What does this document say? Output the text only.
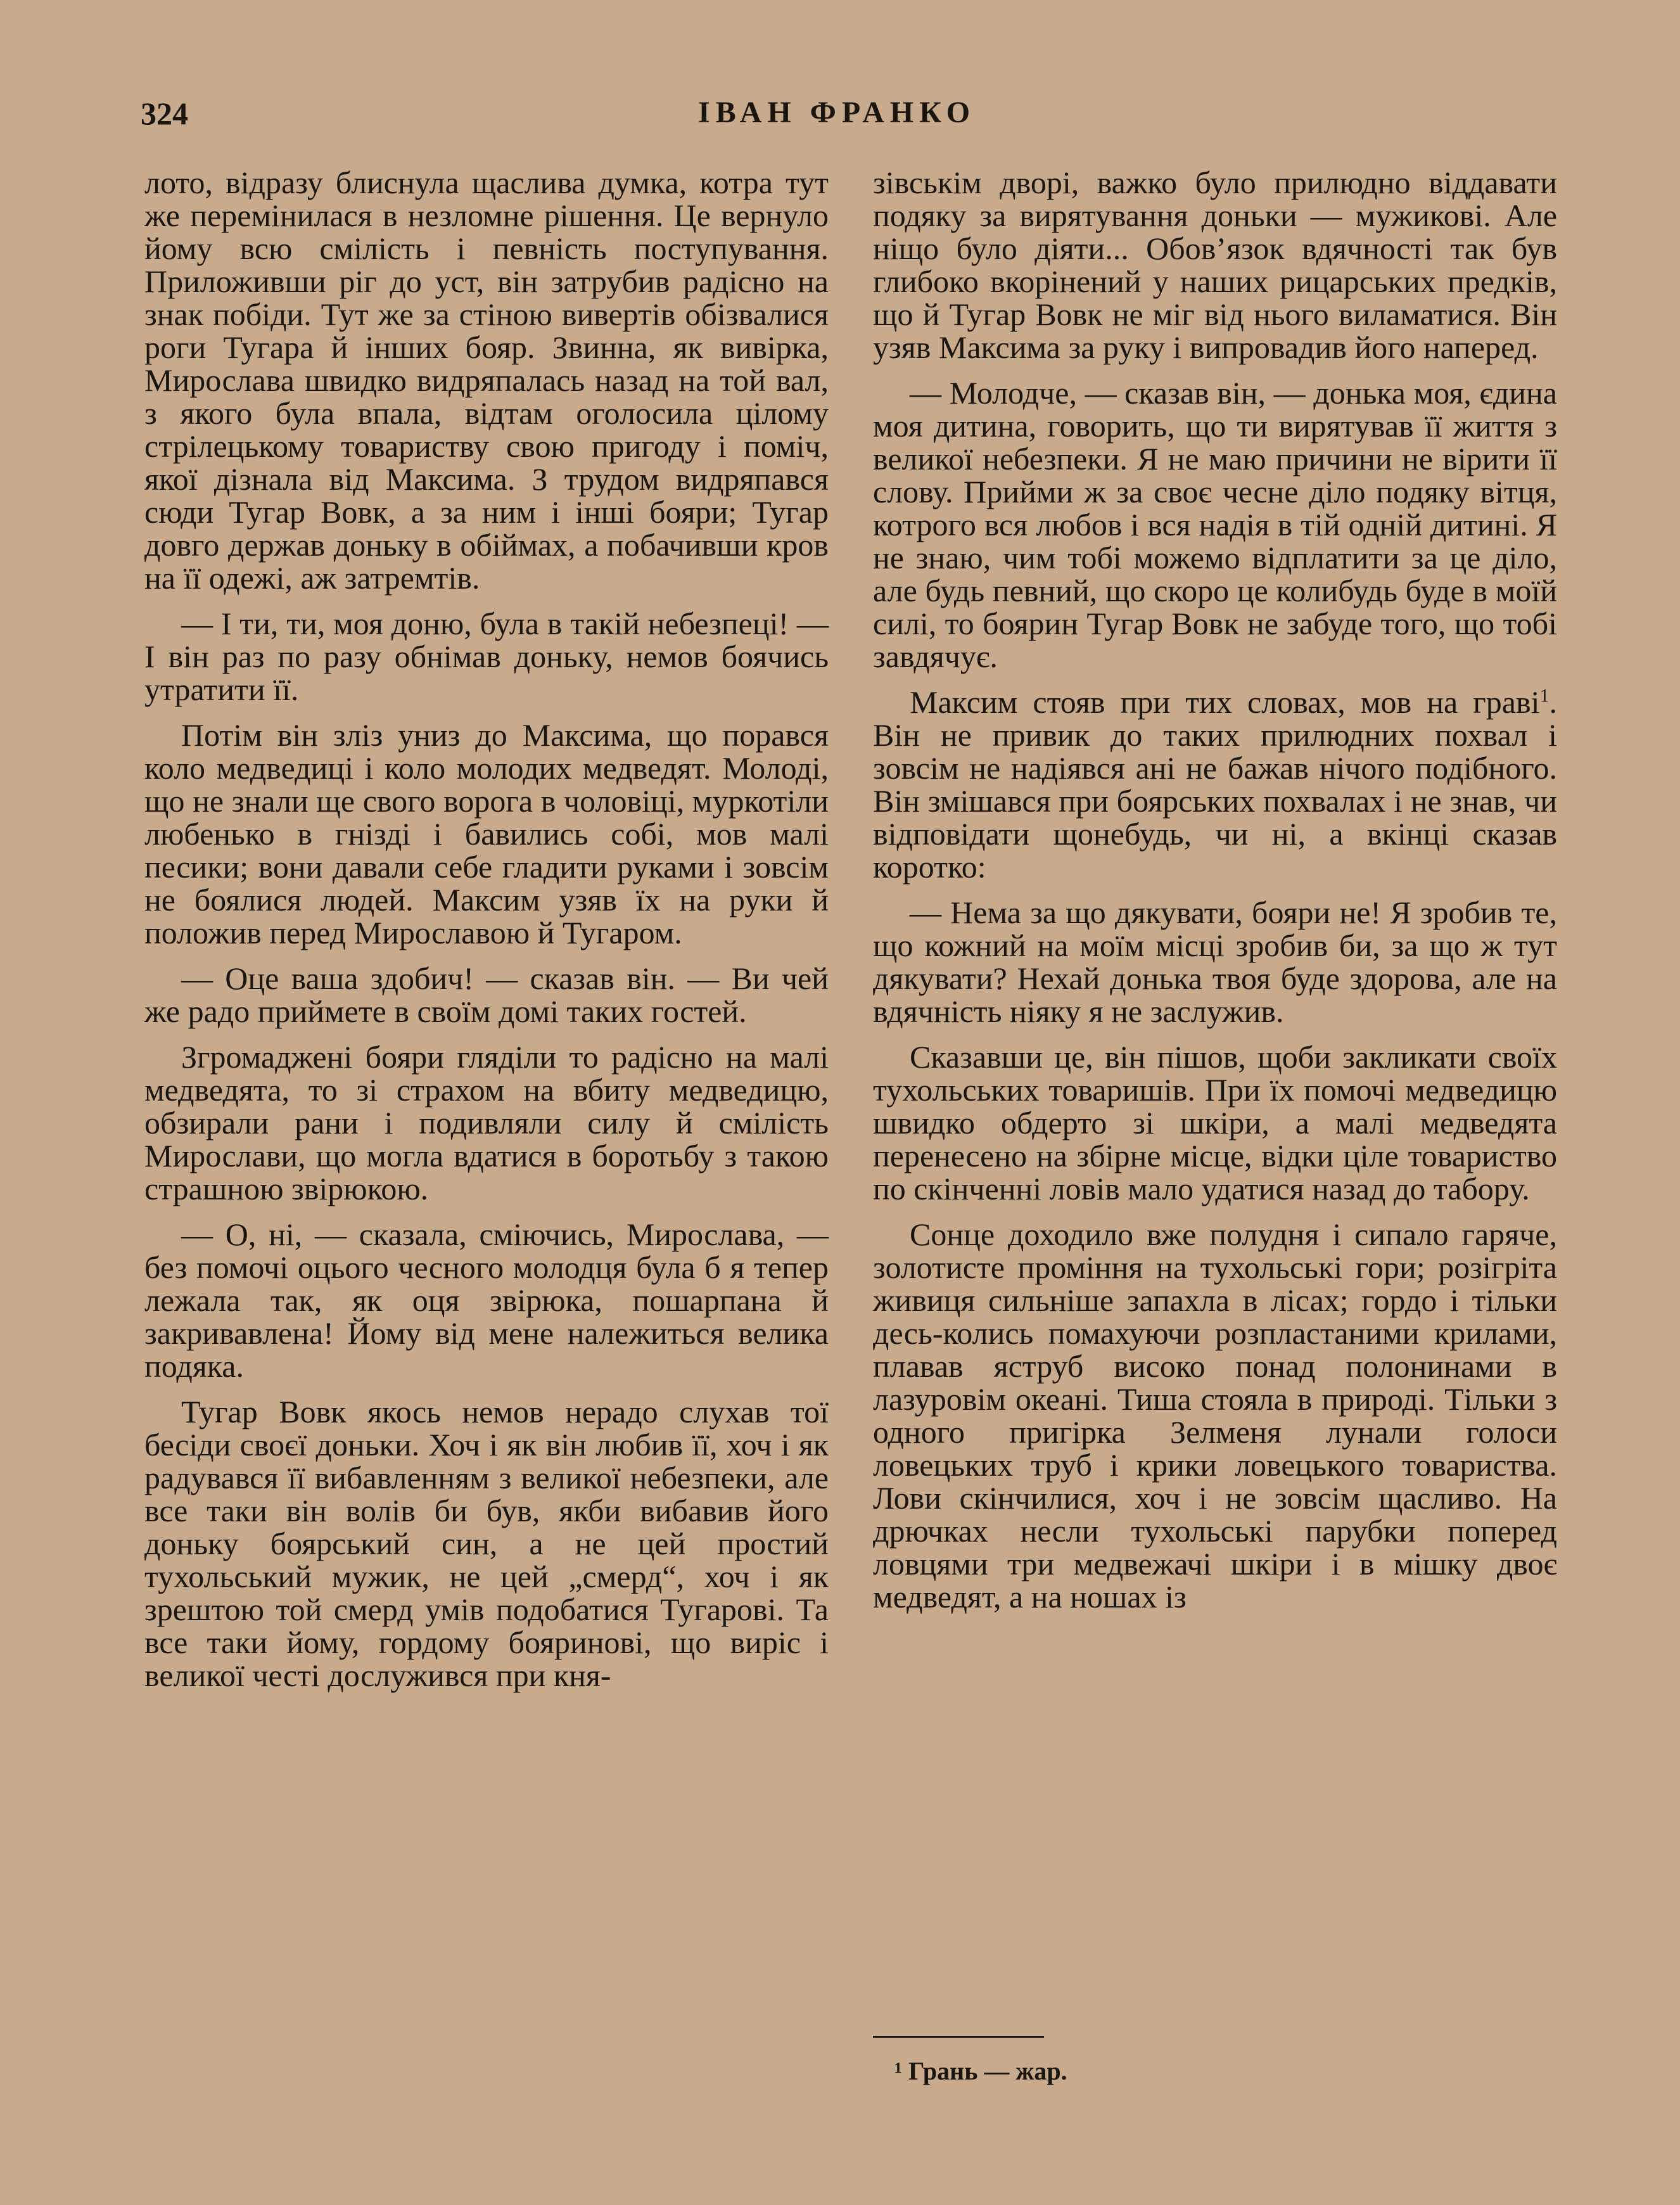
324	ІВАН ФРАНКО

лото, відразу блиснула щаслива думка, котра тут же перемінилася в незломне рішення. Це вернуло йому всю смілість і певність поступування. Приложивши ріг до уст, він затрубив радісно на знак побіди. Тут же за стіною вивертів обізвалися роги Тугара й інших бояр. Звинна, як вивірка, Мирослава швидко видряпалась назад на той вал, з якого була впала, відтам оголосила цілому стрілецькому товариству свою пригоду і поміч, якої дізнала від Максима. З трудом видряпався сюди Тугар Вовк, а за ним і інші бояри; Тугар довго держав доньку в обіймах, а побачивши кров на її одежі, аж затремтів.

— І ти, ти, моя доню, була в такій небезпеці! — І він раз по разу обнімав доньку, немов боячись утратити її.

Потім він зліз униз до Максима, що порався коло медведиці і коло молодих медведят. Молоді, що не знали ще свого ворога в чоловіці, муркотіли любенько в гнізді і бавились собі, мов малі песики; вони давали себе гладити руками і зовсім не боялися людей. Максим узяв їх на руки й положив перед Мирославою й Тугаром.

— Оце ваша здобич! — сказав він. — Ви чей же радо приймете в своїм домі таких гостей.

Згромаджені бояри гляділи то радісно на малі медведята, то зі страхом на вбиту медведицю, обзирали рани і подивляли силу й смілість Мирослави, що могла вдатися в боротьбу з такою страшною звірюкою.

— О, ні, — сказала, сміючись, Мирослава, — без помочі оцього чесного молодця була б я тепер лежала так, як оця звірюка, пошарпана й закривавлена! Йому від мене належиться велика подяка.

Тугар Вовк якось немов нерадо слухав тої бесіди своєї доньки. Хоч і як він любив її, хоч і як радувався її вибавленням з великої небезпеки, але все таки він волів би був, якби вибавив його доньку боярський син, а не цей простий тухольський мужик, не цей „смерд“, хоч і як зрештою той смерд умів подобатися Тугарові. Та все таки йому, гордому бояринові, що виріс і великої честі дослужився при кня-

зівськім дворі, важко було прилюдно віддавати подяку за вирятування доньки — мужикові. Але ніщо було діяти... Обов’язок вдячності так був глибоко вкорінений у наших рицарських предків, що й Тугар Вовк не міг від нього виламатися. Він узяв Максима за руку і випровадив його наперед.

— Молодче, — сказав він, — донька моя, єдина моя дитина, говорить, що ти вирятував її життя з великої небезпеки. Я не маю причини не вірити її слову. Прийми ж за своє чесне діло подяку вітця, котрого вся любов і вся надія в тій одній дитині. Я не знаю, чим тобі можемо відплатити за це діло, але будь певний, що скоро це колибудь буде в моїй силі, то боярин Тугар Вовк не забуде того, що тобі завдячує.

Максим стояв при тих словах, мов на гравi$^1$. Він не привик до таких прилюдних похвал і зовсім не надіявся ані не бажав нічого подібного. Він змішався при боярських похвалах і не знав, чи відповідати щонебудь, чи ні, а вкінці сказав коротко:

— Нема за що дякувати, бояри не! Я зробив те, що кожний на моїм місці зробив би, за що ж тут дякувати? Нехай донька твоя буде здорова, але на вдячність ніяку я не заслужив.

Сказавши це, він пішов, щоби закликати своїх тухольських товаришів. При їх помочі медведицю швидко обдерто зі шкіри, а малі медведята перенесено на збірне місце, відки ціле товариство по скінченні ловів мало удатися назад до табору.

Сонце доходило вже полудня і сипало гаряче, золотисте проміння на тухольські гори; розігріта живиця сильніше запахла в лісах; гордо і тільки десь-колись помахуючи розпластаними крилами, плавав яструб високо понад полонинами в лазуровім океані. Тиша стояла в природі. Тільки з одного пригірка Зелменя лунали голоси ловецьких труб і крики ловецького товариства. Лови скінчилися, хоч і не зовсім щасливо. На дрючках несли тухольські парубки поперед ловцями три медвежачі шкіри і в мішку двоє медведят, а на ношах із

¹ Грань — жар.
